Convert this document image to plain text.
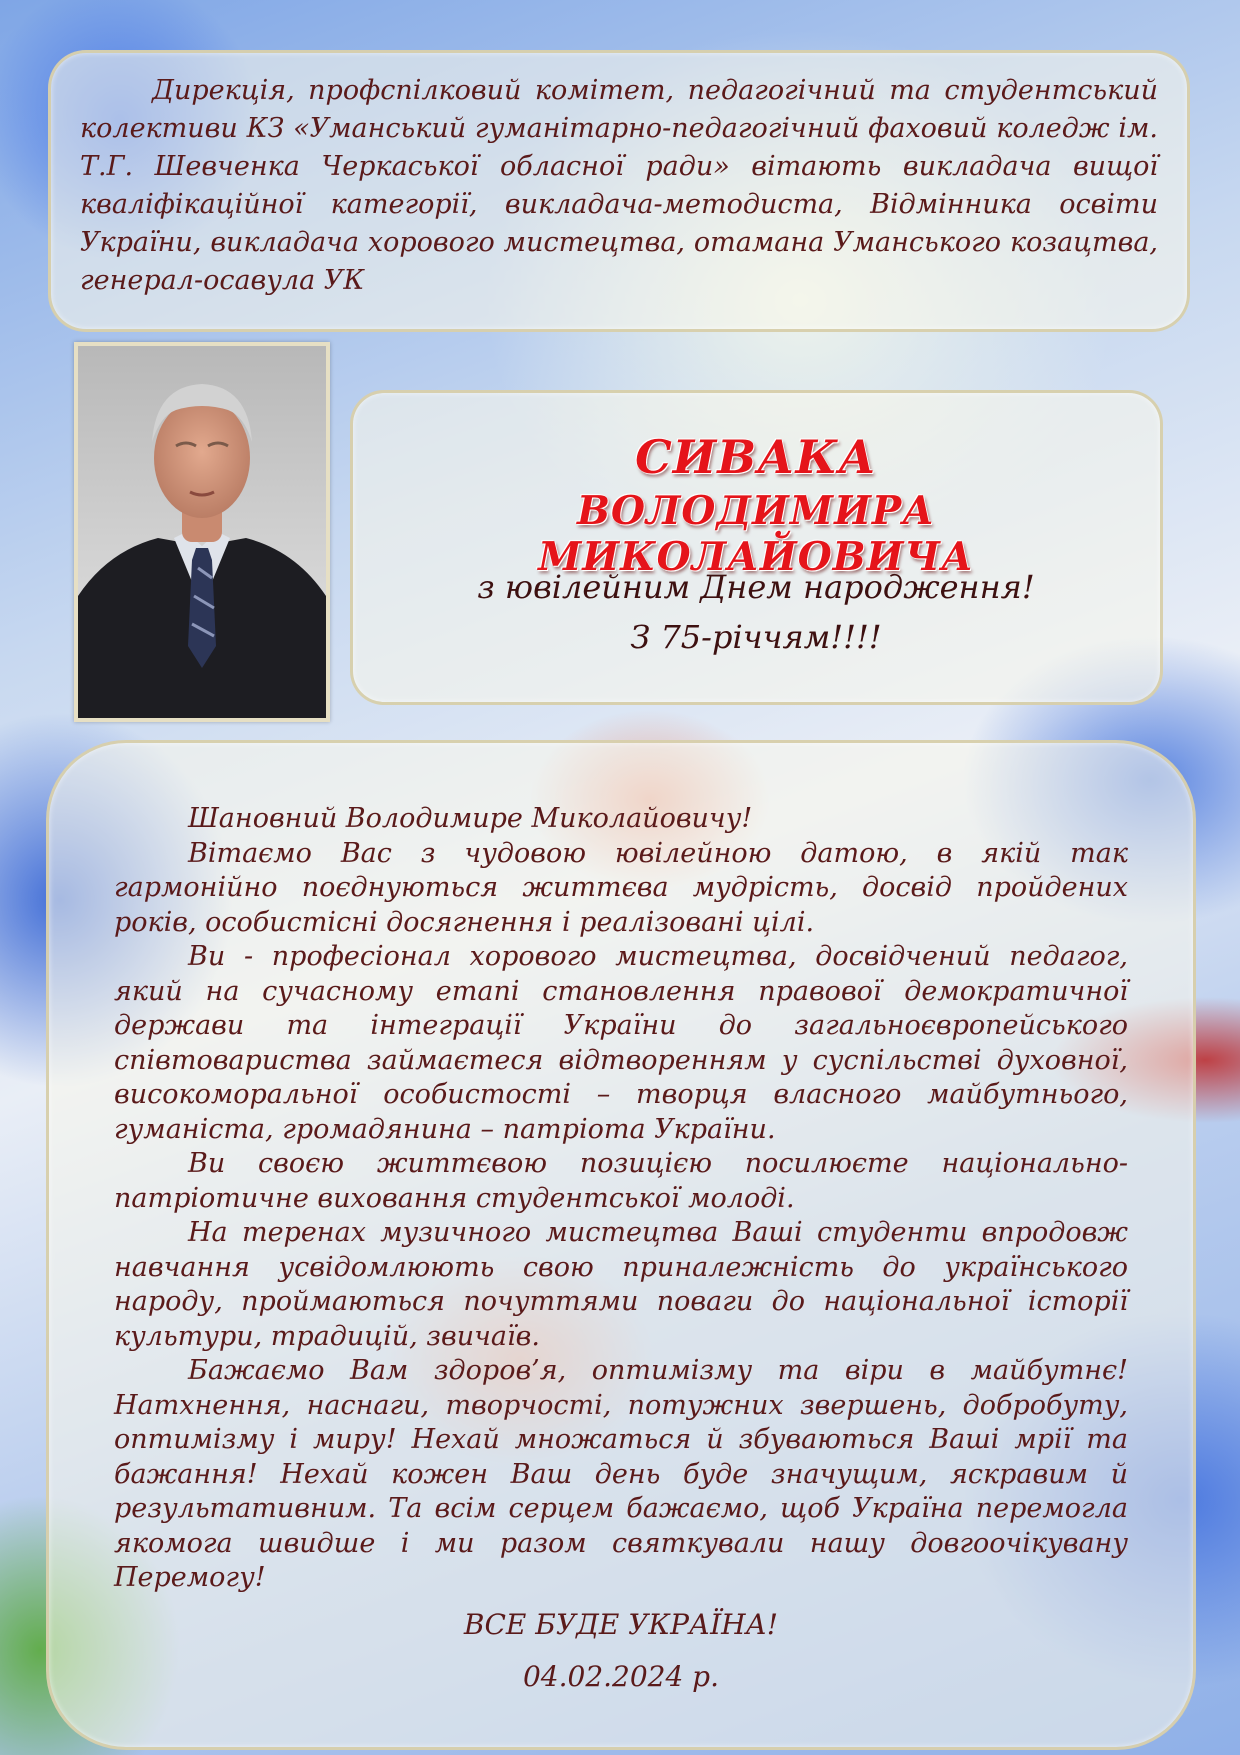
Дирекція, профспілковий комітет, педагогічний та студентський колективи КЗ «Уманський гуманітарно-педагогічний фаховий коледж ім. Т.Г. Шевченка Черкаської обласної ради» вітають викладача вищої кваліфікаційної категорії, викладача-методиста, Відмінника освіти України, викладача хорового мистецтва, отамана Уманського козацтва, генерал-осавула УК

СИВАКА

ВОЛОДИМИРА МИКОЛАЙОВИЧА

з ювілейним Днем народження!

З 75-річчям!!!!

Шановний Володимире Миколайовичу!

Вітаємо Вас з чудовою ювілейною датою, в якій так гармонійно поєднуються життєва мудрість, досвід пройдених років, особистісні досягнення і реалізовані цілі.

Ви - професіонал хорового мистецтва, досвідчений педагог, який на сучасному етапі становлення правової демократичної держави та інтеграції України до загальноєвропейського співтовариства займаєтеся відтворенням у суспільстві духовної, високоморальної особистості – творця власного майбутнього, гуманіста, громадянина – патріота України.

Ви своєю життєвою позицією посилюєте національно-патріотичне виховання студентської молоді.

На теренах музичного мистецтва Ваші студенти впродовж навчання усвідомлюють свою приналежність до українського народу, проймаються почуттями поваги до національної історії культури, традицій, звичаїв.

Бажаємо Вам здоров’я, оптимізму та віри в майбутнє! Натхнення, наснаги, творчості, потужних звершень, добробуту, оптимізму і миру! Нехай множаться й збуваються Ваші мрії та бажання! Нехай кожен Ваш день буде значущим, яскравим й результативним. Та всім серцем бажаємо, щоб Україна перемогла якомога швидше і ми разом святкували нашу довгоочікувану Перемогу!

ВСЕ БУДЕ УКРАЇНА!

04.02.2024 р.
